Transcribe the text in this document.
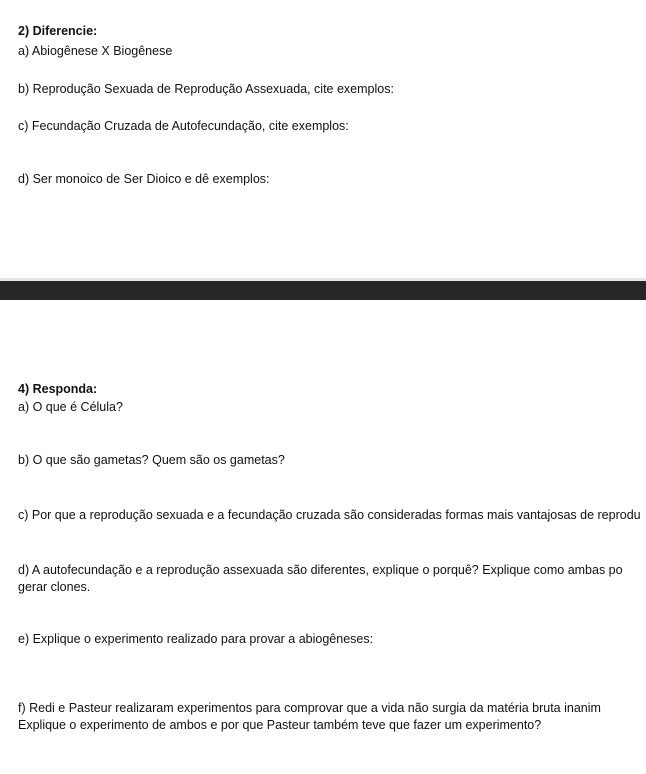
2) Diferencie:
a) Abiogênese X Biogênese
b) Reprodução Sexuada de Reprodução Assexuada, cite exemplos:
c) Fecundação Cruzada de Autofecundação, cite exemplos:
d) Ser monoico de Ser Dioico e dê exemplos:
4) Responda:
a) O que é Célula?
b) O que são gametas? Quem são os gametas?
c) Por que a reprodução sexuada e a fecundação cruzada são consideradas formas mais vantajosas de reprodu
d) A autofecundação e a reprodução assexuada são diferentes, explique o porquê? Explique como ambas po
gerar clones.
e) Explique o experimento realizado para provar a abiogêneses:
f) Redi e Pasteur realizaram experimentos para comprovar que a vida não surgia da matéria bruta inanim
Explique o experimento de ambos e por que Pasteur também teve que fazer um experimento?
